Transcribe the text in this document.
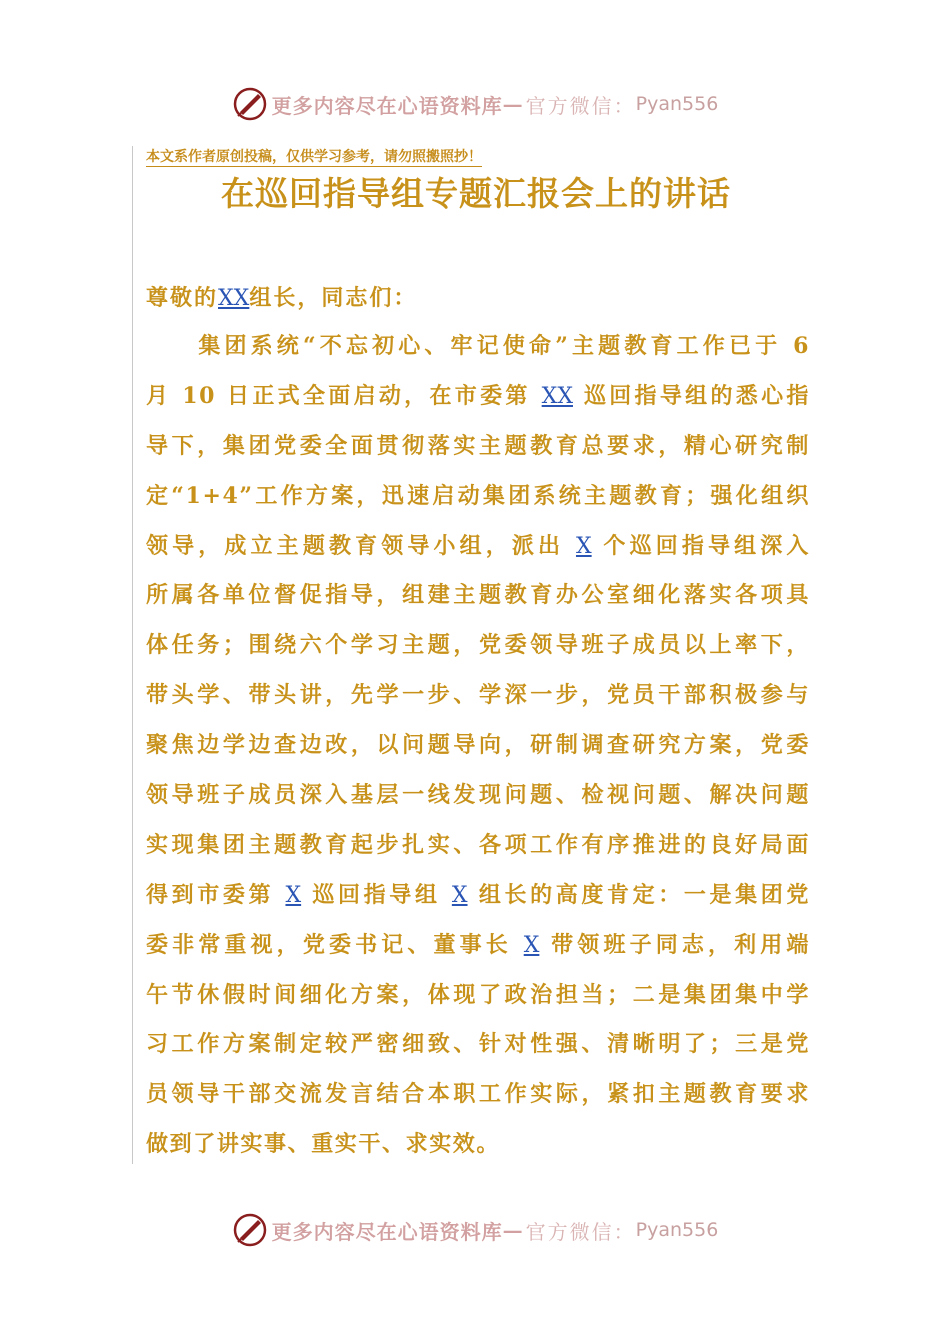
更多内容尽在心语资料库 — 官方微信： Pyan556
本文系作者原创投稿，仅供学习参考，请勿照搬照抄！
在巡回指导组专题汇报会上的讲话
尊敬的XX组长，同志们：
　　集团系统“不忘初心、牢记使命”主题教育工作已于 6
月 10 日正式全面启动，在市委第 XX 巡回指导组的悉心指
导下，集团党委全面贯彻落实主题教育总要求，精心研究制
定“1+4”工作方案，迅速启动集团系统主题教育；强化组织
领导，成立主题教育领导小组，派出 X 个巡回指导组深入
所属各单位督促指导，组建主题教育办公室细化落实各项具
体任务；围绕六个学习主题，党委领导班子成员以上率下，
带头学、带头讲，先学一步、学深一步，党员干部积极参与
聚焦边学边查边改，以问题导向，研制调查研究方案，党委
领导班子成员深入基层一线发现问题、检视问题、解决问题
实现集团主题教育起步扎实、各项工作有序推进的良好局面
得到市委第 X 巡回指导组 X 组长的高度肯定：一是集团党
委非常重视，党委书记、董事长 X 带领班子同志，利用端
午节休假时间细化方案，体现了政治担当；二是集团集中学
习工作方案制定较严密细致、针对性强、清晰明了；三是党
员领导干部交流发言结合本职工作实际，紧扣主题教育要求
做到了讲实事、重实干、求实效。
更多内容尽在心语资料库 — 官方微信： Pyan556
